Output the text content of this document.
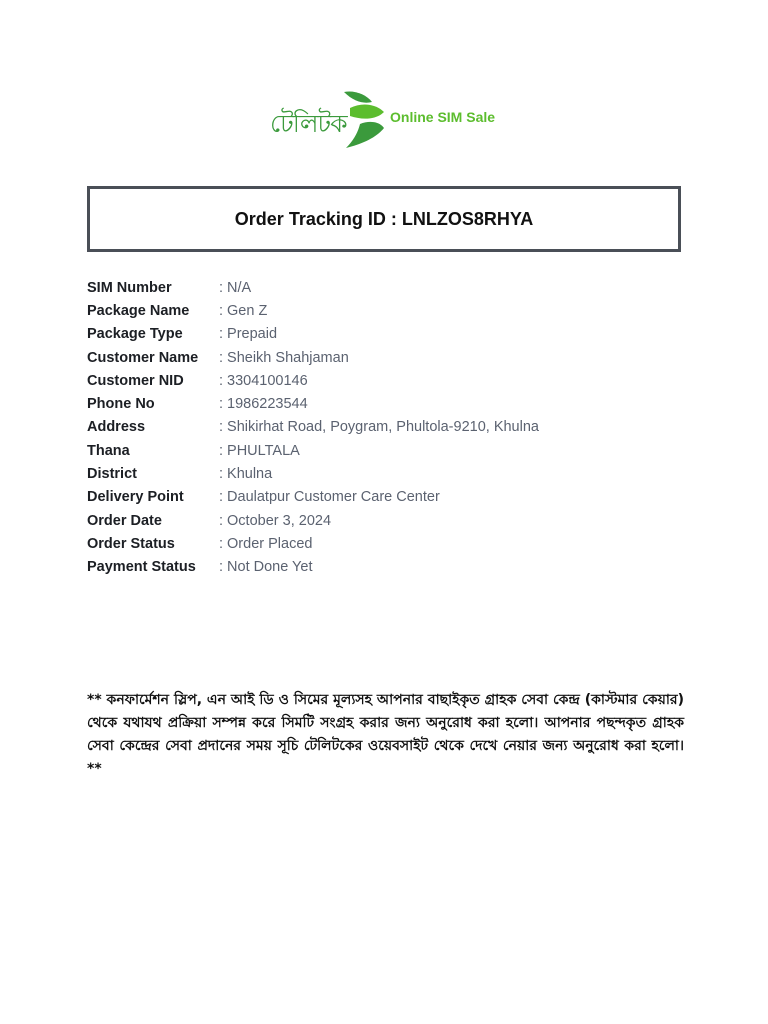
টেলিটক	Online SIM Sale
Order Tracking ID : LNLZOS8RHYA
SIM Number	: N/A
Package Name	: Gen Z
Package Type	: Prepaid
Customer Name	: Sheikh Shahjaman
Customer NID	: 3304100146
Phone No	: 1986223544
Address	: Shikirhat Road, Poygram, Phultola-9210, Khulna
Thana	: PHULTALA
District	: Khulna
Delivery Point	: Daulatpur Customer Care Center
Order Date	: October 3, 2024
Order Status	: Order Placed
Payment Status	: Not Done Yet

** কনফার্মেশন স্লিপ, এন আই ডি ও সিমের মূল্যসহ আপনার বাছাইকৃত গ্রাহক সেবা কেন্দ্র (কাস্টমার কেয়ার) থেকে যথাযথ প্রক্রিয়া সম্পন্ন করে সিমটি সংগ্রহ করার জন্য অনুরোধ করা হলো। আপনার পছন্দকৃত গ্রাহক সেবা কেন্দ্রের সেবা প্রদানের সময় সূচি টেলিটকের ওয়েবসাইট থেকে দেখে নেয়ার জন্য অনুরোধ করা হলো। **
